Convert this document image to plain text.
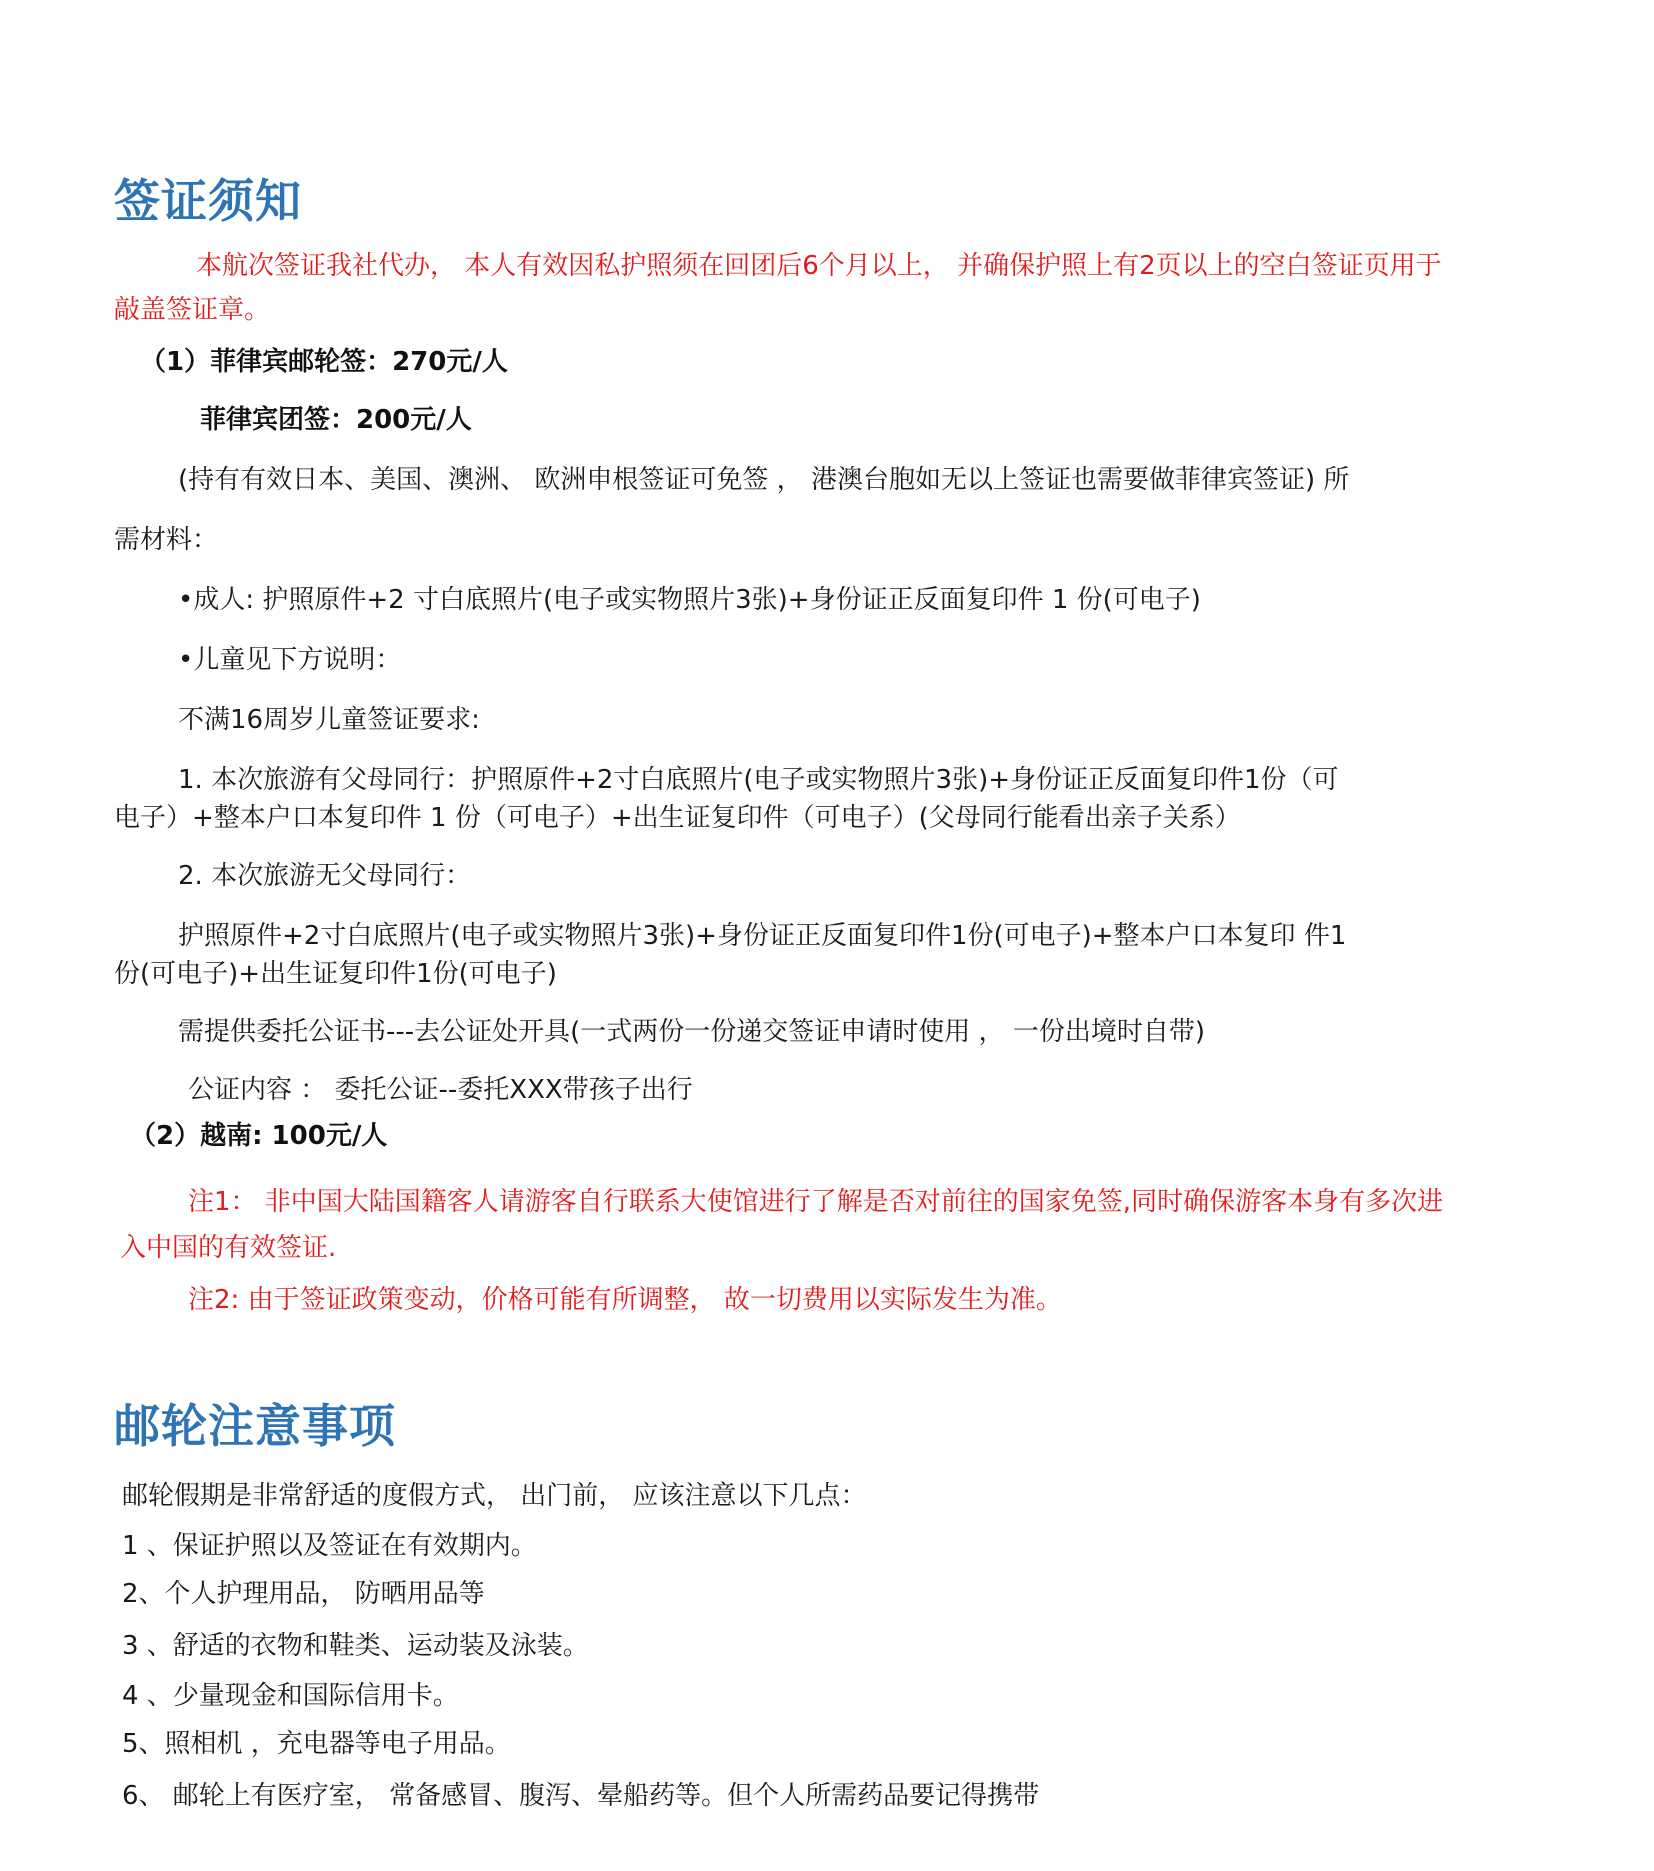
签证须知

本航次签证我社代办， 本人有效因私护照须在回团后6个月以上， 并确保护照上有2页以上的空白签证页用于

敲盖签证章。

（1）菲律宾邮轮签：270元/人

菲律宾团签：200元/人

(持有有效日本、美国、澳洲、 欧洲申根签证可免签 ， 港澳台胞如无以上签证也需要做菲律宾签证) 所

需材料：

•成人: 护照原件+2 寸白底照片(电子或实物照片3张)+身份证正反面复印件 1 份(可电子)

•儿童见下方说明：

不满16周岁儿童签证要求:

1. 本次旅游有父母同行：护照原件+2寸白底照片(电子或实物照片3张)+身份证正反面复印件1份（可

电子）+整本户口本复印件 1 份（可电子）+出生证复印件（可电子）(父母同行能看出亲子关系）

2. 本次旅游无父母同行：

护照原件+2寸白底照片(电子或实物照片3张)+身份证正反面复印件1份(可电子)+整本户口本复印 件1

份(可电子)+出生证复印件1份(可电子)

需提供委托公证书---去公证处开具(一式两份一份递交签证申请时使用 ， 一份出境时自带)

公证内容 ： 委托公证--委托XXX带孩子出行

（2）越南: 100元/人

注1： 非中国大陆国籍客人请游客自行联系大使馆进行了解是否对前往的国家免签,同时确保游客本身有多次进

入中国的有效签证.

注2: 由于签证政策变动，价格可能有所调整， 故一切费用以实际发生为准。

邮轮注意事项

邮轮假期是非常舒适的度假方式， 出门前， 应该注意以下几点：

1 、保证护照以及签证在有效期内。

2、个人护理用品， 防晒用品等

3 、舒适的衣物和鞋类、运动装及泳装。

4 、少量现金和国际信用卡。

5、照相机 ，充电器等电子用品。

6、 邮轮上有医疗室， 常备感冒、腹泻、晕船药等。但个人所需药品要记得携带
